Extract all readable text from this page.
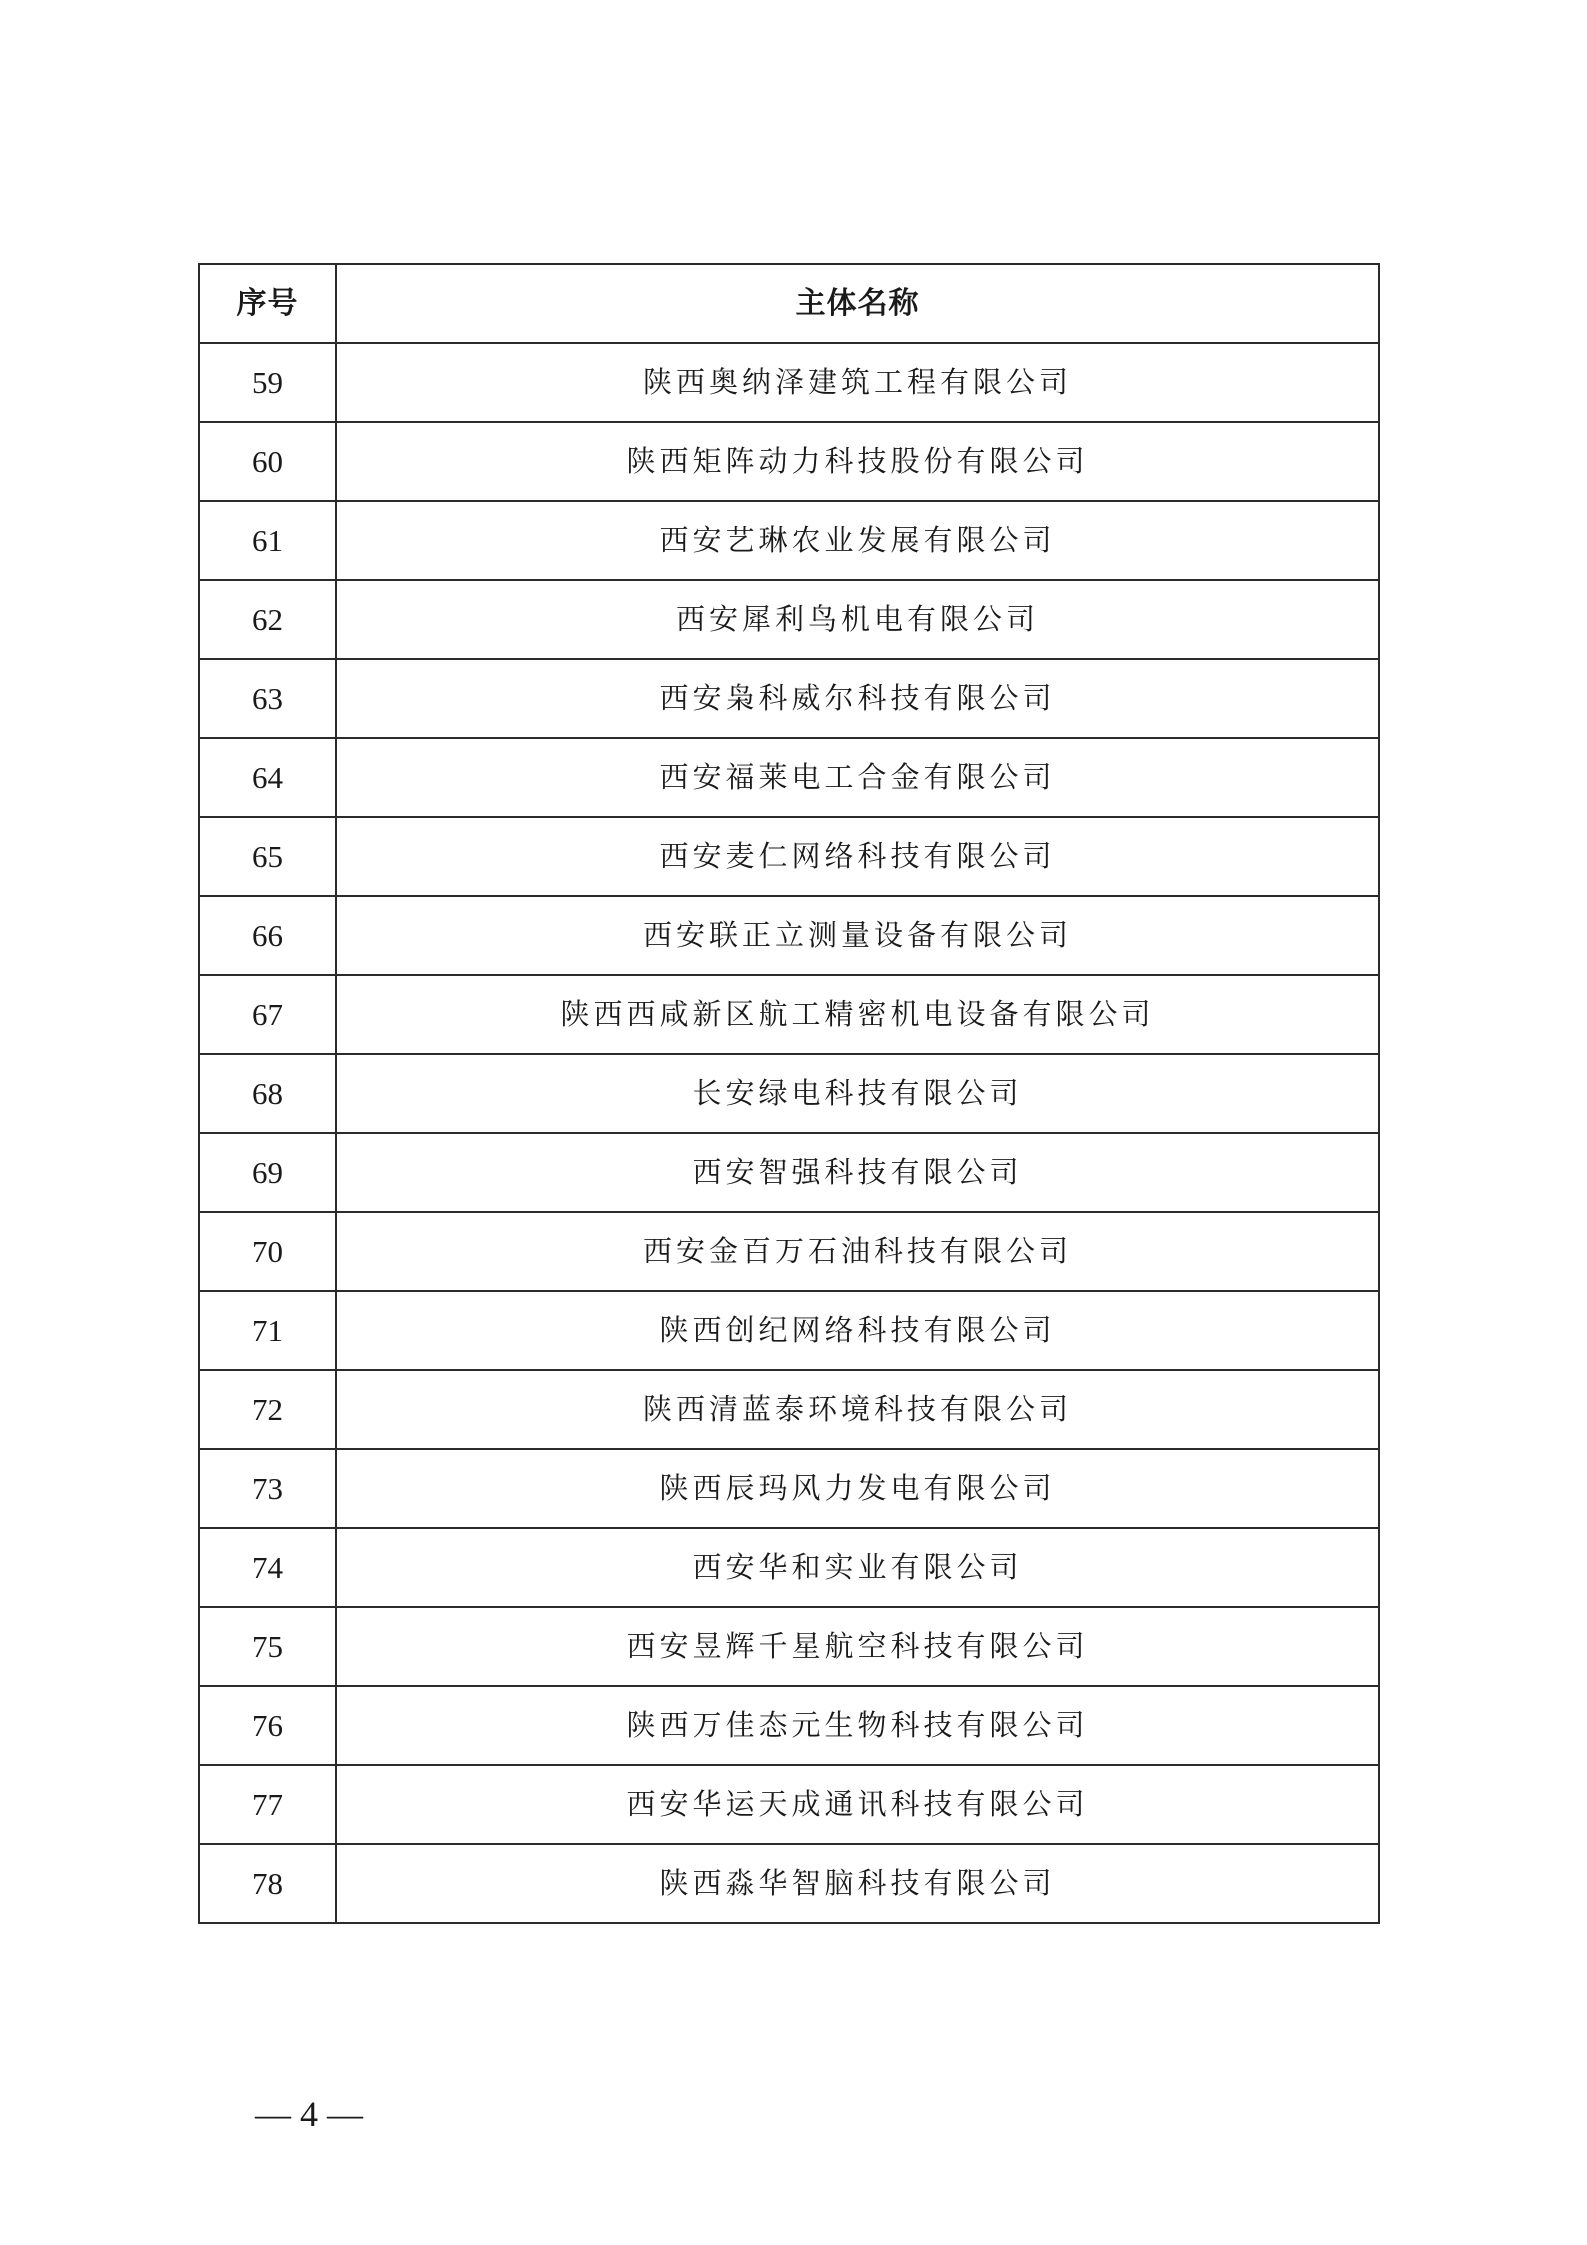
序号	主体名称
59	陕西奥纳泽建筑工程有限公司
60	陕西矩阵动力科技股份有限公司
61	西安艺琳农业发展有限公司
62	西安犀利鸟机电有限公司
63	西安枭科威尔科技有限公司
64	西安福莱电工合金有限公司
65	西安麦仁网络科技有限公司
66	西安联正立测量设备有限公司
67	陕西西咸新区航工精密机电设备有限公司
68	长安绿电科技有限公司
69	西安智强科技有限公司
70	西安金百万石油科技有限公司
71	陕西创纪网络科技有限公司
72	陕西清蓝泰环境科技有限公司
73	陕西辰玛风力发电有限公司
74	西安华和实业有限公司
75	西安昱辉千星航空科技有限公司
76	陕西万佳态元生物科技有限公司
77	西安华运天成通讯科技有限公司
78	陕西淼华智脑科技有限公司
— 4 —
